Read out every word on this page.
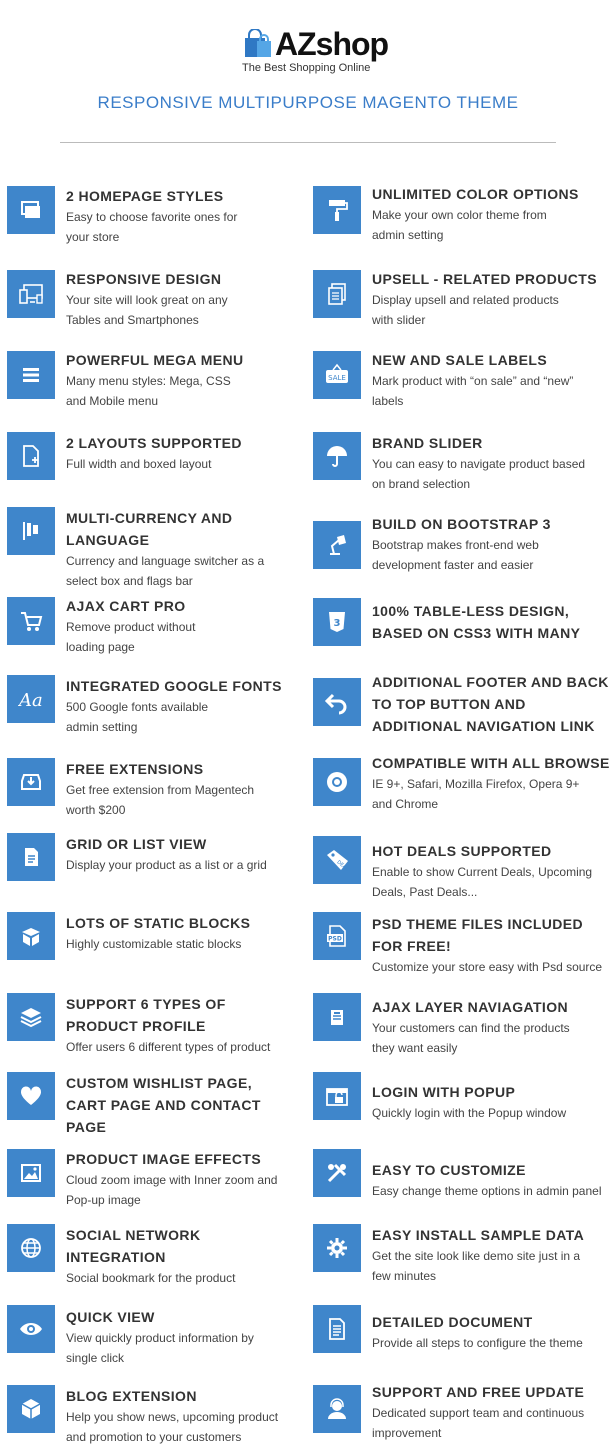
AZshop
The Best Shopping Online
RESPONSIVE MULTIPURPOSE MAGENTO THEME
2 HOMEPAGE STYLES
Easy to choose favorite ones for
your store
RESPONSIVE DESIGN
Your site will look great on any
Tables and Smartphones
POWERFUL MEGA MENU
Many menu styles: Mega, CSS
and Mobile menu
2 LAYOUTS SUPPORTED
Full width and boxed layout
MULTI-CURRENCY AND
LANGUAGE
Currency and language switcher as a
select box and flags bar
AJAX CART PRO
Remove product without
loading page
Aa
INTEGRATED GOOGLE FONTS
500 Google fonts available
admin setting
FREE EXTENSIONS
Get free extension from Magentech
worth $200
GRID OR LIST VIEW
Display your product as a list or a grid
LOTS OF STATIC BLOCKS
Highly customizable static blocks
SUPPORT 6 TYPES OF
PRODUCT PROFILE
Offer users 6 different types of product
CUSTOM WISHLIST PAGE,
CART PAGE AND CONTACT
PAGE
PRODUCT IMAGE EFFECTS
Cloud zoom image with Inner zoom and
Pop-up image
SOCIAL NETWORK
INTEGRATION
Social bookmark for the product
QUICK VIEW
View quickly product information by
single click
BLOG EXTENSION
Help you show news, upcoming product
and promotion to your customers
UNLIMITED COLOR OPTIONS
Make your own color theme from
admin setting
UPSELL - RELATED PRODUCTS
Display upsell and related products
with slider
SALE
NEW AND SALE LABELS
Mark product with “on sale” and “new”
labels
BRAND SLIDER
You can easy to navigate product based
on brand selection
BUILD ON BOOTSTRAP 3
Bootstrap makes front-end web
development faster and easier
3
100% TABLE-LESS DESIGN,
BASED ON CSS3 WITH MANY
ADDITIONAL FOOTER AND BACK
TO TOP BUTTON AND
ADDITIONAL NAVIGATION LINK
COMPATIBLE WITH ALL BROWSE
IE 9+, Safari, Mozilla Firefox, Opera 9+
and Chrome
DEAL
HOT DEALS SUPPORTED
Enable to show Current Deals, Upcoming
Deals, Past Deals...
PSD
PSD THEME FILES INCLUDED
FOR FREE!
Customize your store easy with Psd source
AJAX LAYER NAVIAGATION
Your customers can find the products
they want easily
LOGIN WITH POPUP
Quickly login with the Popup window
EASY TO CUSTOMIZE
Easy change theme options in admin panel
EASY INSTALL SAMPLE DATA
Get the site look like demo site just in a
few minutes
DETAILED DOCUMENT
Provide all steps to configure the theme
SUPPORT AND FREE UPDATE
Dedicated support team and continuous
improvement
